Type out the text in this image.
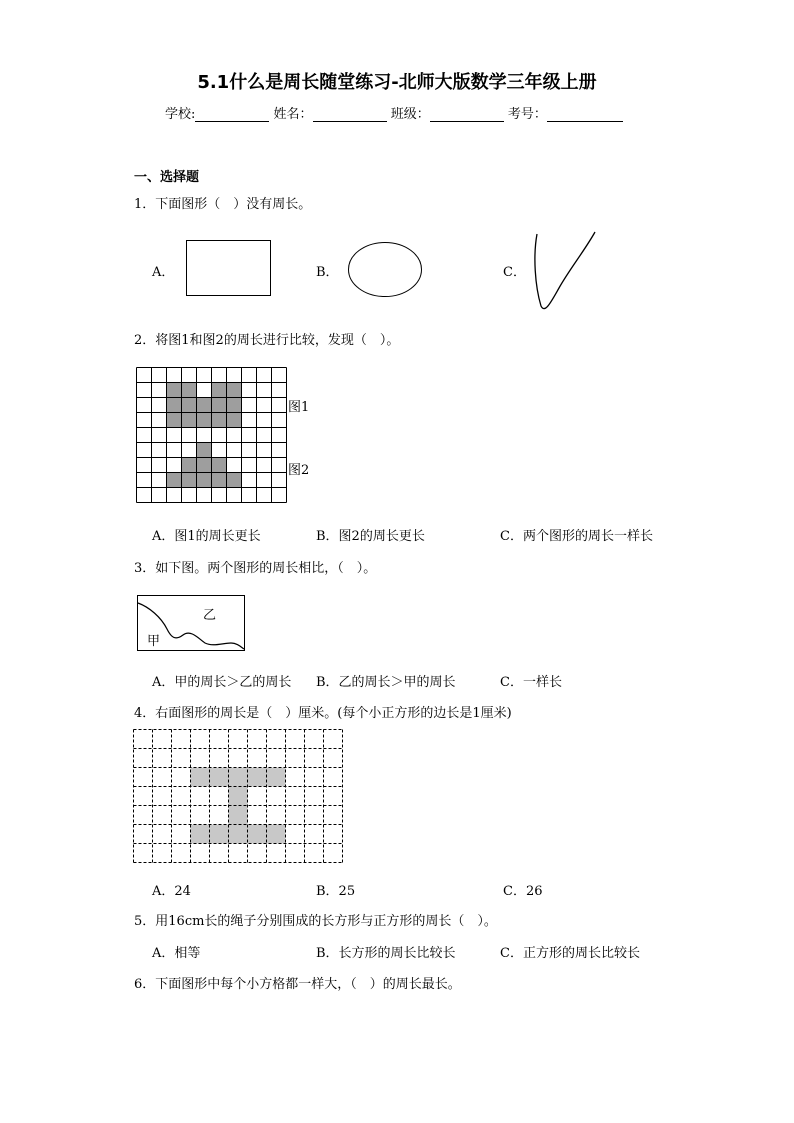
5.1什么是周长随堂练习-北师大版数学三年级上册
学校:	姓名：	班级：	考号：
一、选择题
1．下面图形（　）没有周长。
A．	B．	C．
2．将图1和图2的周长进行比较，发现（　）。
图1
图2
A．图1的周长更长	B．图2的周长更长	C．两个图形的周长一样长
3．如下图。两个图形的周长相比，（　）。
乙
甲
A．甲的周长＞乙的周长 B．乙的周长＞甲的周长	C．一样长
4．右面图形的周长是（　）厘米。(每个小正方形的边长是1厘米)
A．24	B．25	C．26
5．用16cm长的绳子分别围成的长方形与正方形的周长（　）。
A．相等	B．长方形的周长比较长	C．正方形的周长比较长
6．下面图形中每个小方格都一样大，（　）的周长最长。
